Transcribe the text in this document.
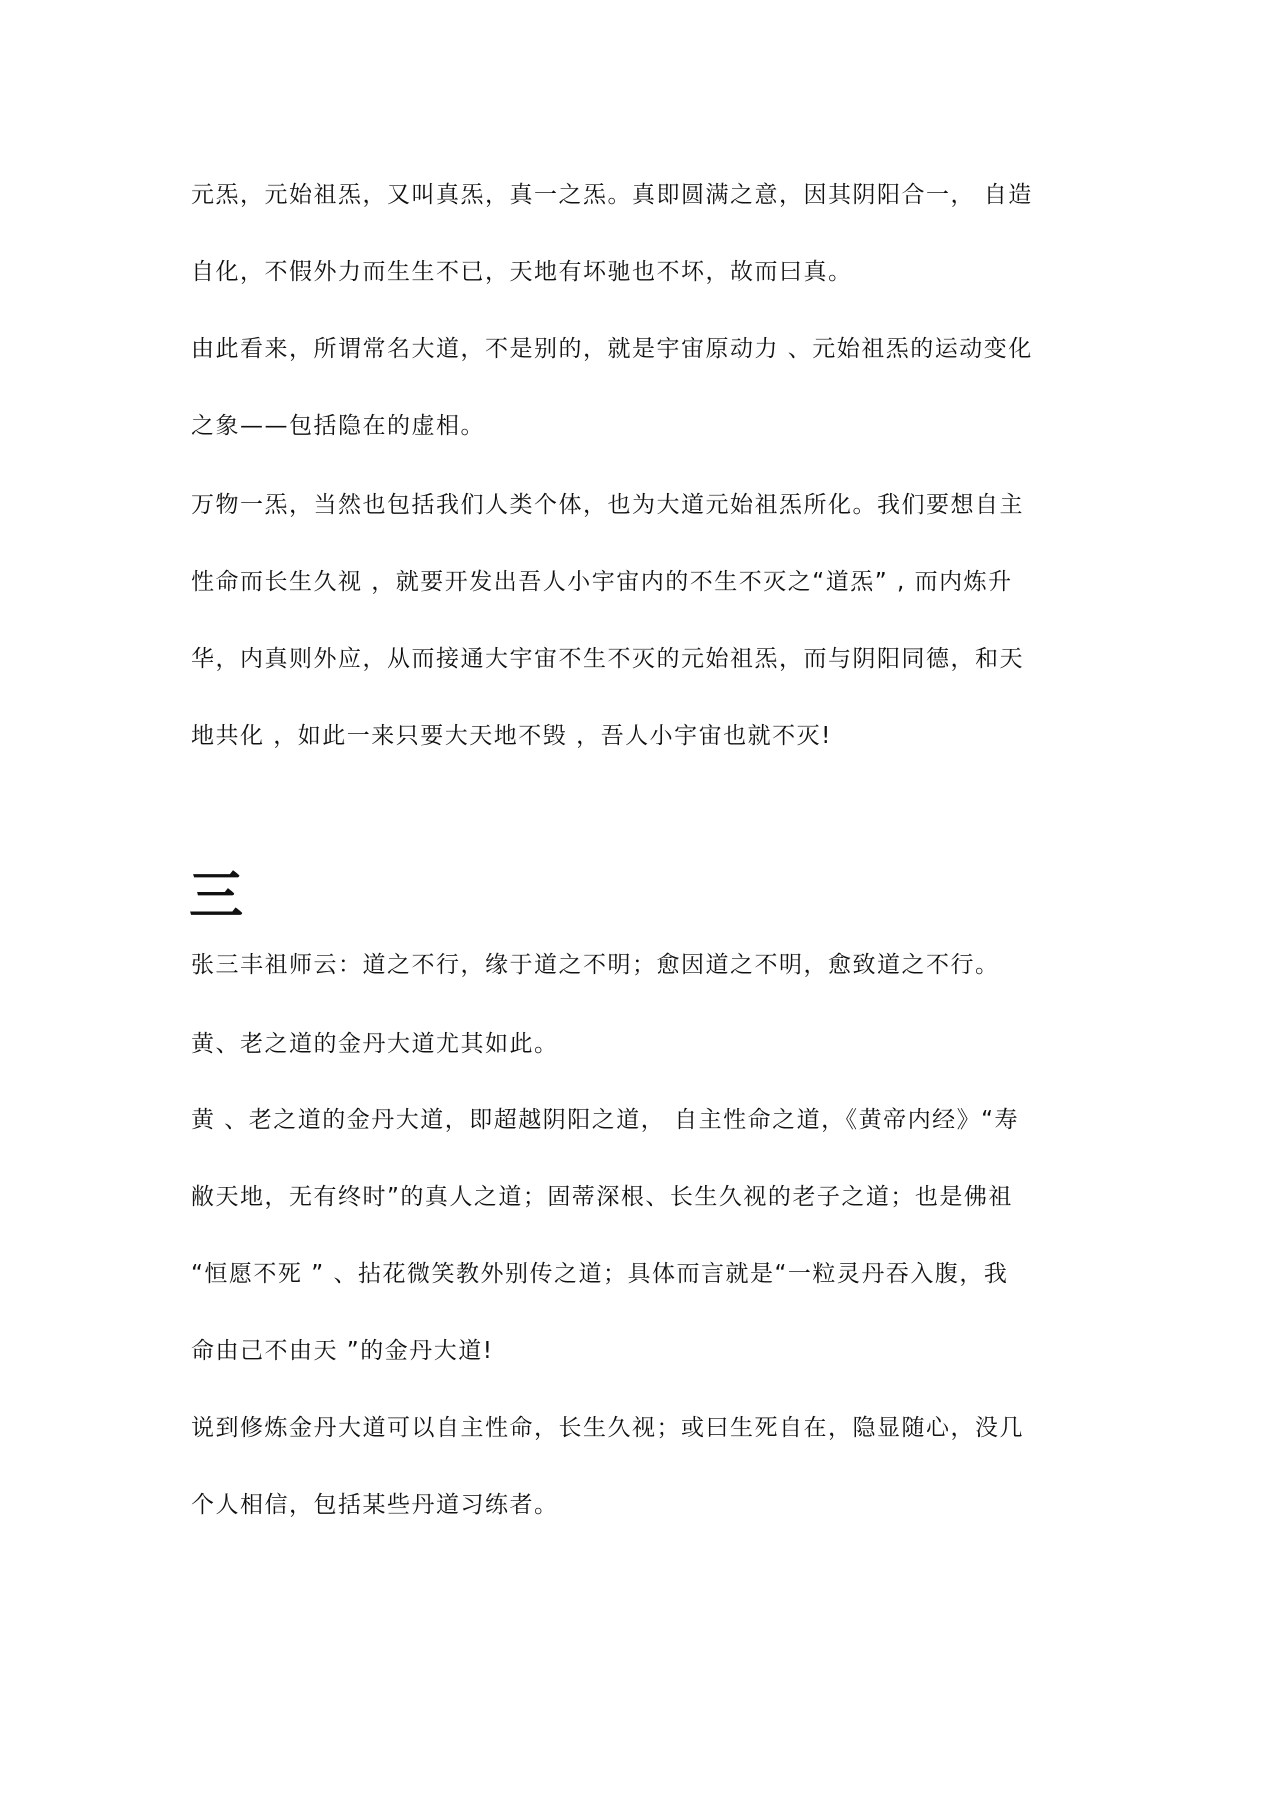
元炁，元始祖炁，又叫真炁，真一之炁。真即圆满之意，因其阴阳合一， 自造
自化，不假外力而生生不已，天地有坏驰也不坏，故而曰真。
由此看来，所谓常名大道，不是别的，就是宇宙原动力 、元始祖炁的运动变化
之象——包括隐在的虚相。
万物一炁，当然也包括我们人类个体，也为大道元始祖炁所化。我们要想自主
性命而长生久视 ，就要开发出吾人小宇宙内的不生不灭之“道炁” , 而内炼升
华，内真则外应，从而接通大宇宙不生不灭的元始祖炁，而与阴阳同德，和天
地共化 ，如此一来只要大天地不毁 ，吾人小宇宙也就不灭!
三
张三丰祖师云：道之不行，缘于道之不明；愈因道之不明，愈致道之不行。
黄、老之道的金丹大道尤其如此。
黄 、老之道的金丹大道，即超越阴阳之道， 自主性命之道，《黄帝内经》“寿
敝天地，无有终时”的真人之道；固蒂深根、长生久视的老子之道；也是佛祖
“恒愿不死 ” 、拈花微笑教外别传之道；具体而言就是“一粒灵丹吞入腹，我
命由己不由天 ”的金丹大道!
说到修炼金丹大道可以自主性命，长生久视；或曰生死自在，隐显随心，没几
个人相信，包括某些丹道习练者。
